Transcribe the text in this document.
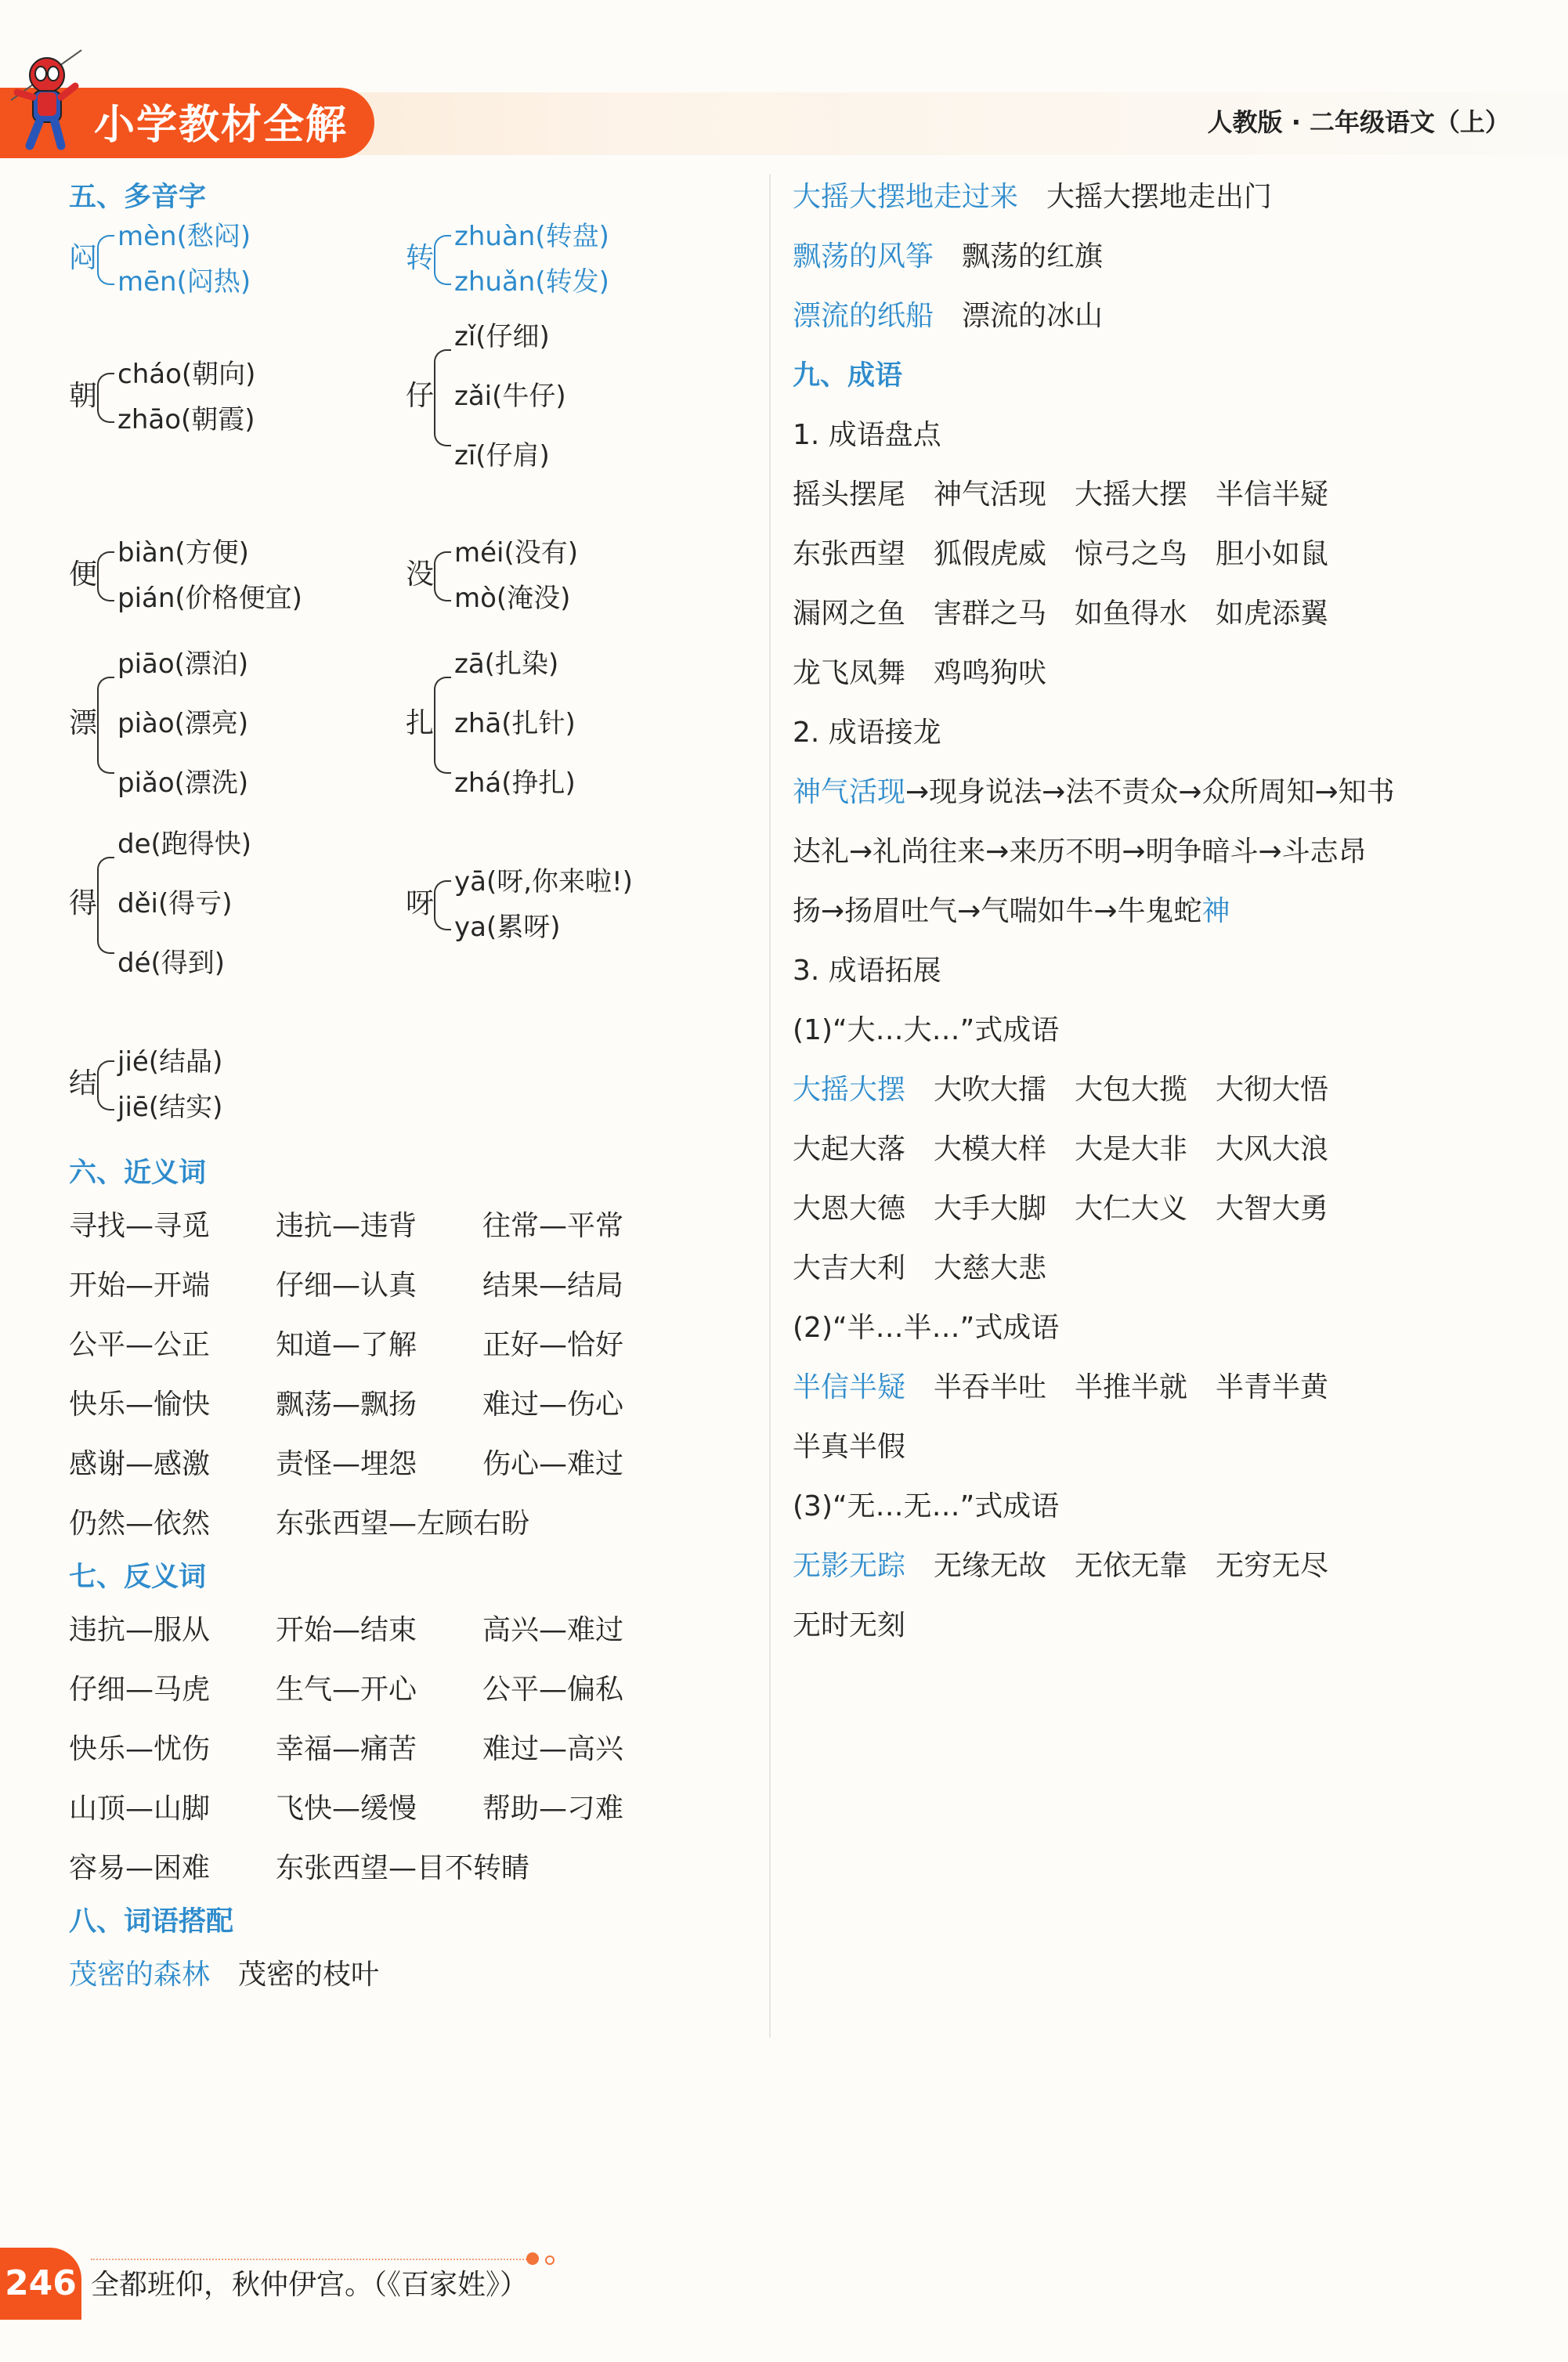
小学教材全解	人教版 · 二年级语文（上）
五、多音字
闷
mèn(愁闷)
mēn(闷热)
转
zhuàn(转盘)
zhuǎn(转发)
朝
cháo(朝向)
zhāo(朝霞)
仔
zǐ(仔细)
zǎi(牛仔)
zī(仔肩)
便
biàn(方便)
pián(价格便宜)
没
méi(没有)
mò(淹没)
漂
piāo(漂泊)
piào(漂亮)
piǎo(漂洗)
扎
zā(扎染)
zhā(扎针)
zhá(挣扎)
得
de(跑得快)
děi(得亏)
dé(得到)
呀
yā(呀,你来啦!)
ya(累呀)
结
jié(结晶)
jiē(结实)
六、近义词
寻找—寻觅 违抗—违背 往常—平常
开始—开端 仔细—认真 结果—结局
公平—公正 知道—了解 正好—恰好
快乐—愉快 飘荡—飘扬 难过—伤心
感谢—感激 责怪—埋怨 伤心—难过
仍然—依然 东张西望—左顾右盼
七、反义词
违抗—服从 开始—结束 高兴—难过
仔细—马虎 生气—开心 公平—偏私
快乐—忧伤 幸福—痛苦 难过—高兴
山顶—山脚 飞快—缓慢 帮助—刁难
容易—困难 东张西望—目不转睛
八、词语搭配
茂密的森林 茂密的枝叶
大摇大摆地走过来 大摇大摆地走出门
飘荡的风筝 飘荡的红旗
漂流的纸船 漂流的冰山
九、成语
1. 成语盘点
摇头摆尾 神气活现 大摇大摆 半信半疑
东张西望 狐假虎威 惊弓之鸟 胆小如鼠
漏网之鱼 害群之马 如鱼得水 如虎添翼
龙飞凤舞 鸡鸣狗吠
2. 成语接龙
神气活现→现身说法→法不责众→众所周知→知书
达礼→礼尚往来→来历不明→明争暗斗→斗志昂
扬→扬眉吐气→气喘如牛→牛鬼蛇神
3. 成语拓展
(1)“大…大…”式成语
大摇大摆 大吹大擂 大包大揽 大彻大悟
大起大落 大模大样 大是大非 大风大浪
大恩大德 大手大脚 大仁大义 大智大勇
大吉大利 大慈大悲
(2)“半…半…”式成语
半信半疑 半吞半吐 半推半就 半青半黄
半真半假
(3)“无…无…”式成语
无影无踪 无缘无故 无依无靠 无穷无尽
无时无刻
246 全都班仰，秋仲伊宫。（《百家姓》）
